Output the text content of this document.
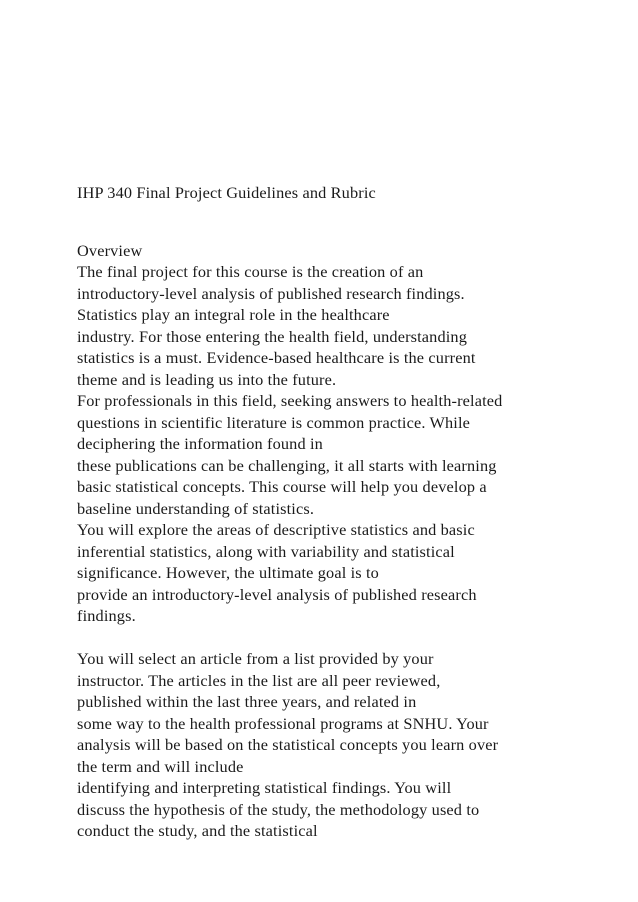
IHP 340 Final Project Guidelines and Rubric
Overview
The final project for this course is the creation of an
introductory-level analysis of published research findings.
Statistics play an integral role in the healthcare
industry. For those entering the health field, understanding
statistics is a must. Evidence-based healthcare is the current
theme and is leading us into the future.
For professionals in this field, seeking answers to health-related
questions in scientific literature is common practice. While
deciphering the information found in
these publications can be challenging, it all starts with learning
basic statistical concepts. This course will help you develop a
baseline understanding of statistics.
You will explore the areas of descriptive statistics and basic
inferential statistics, along with variability and statistical
significance. However, the ultimate goal is to
provide an introductory-level analysis of published research
findings.
You will select an article from a list provided by your
instructor. The articles in the list are all peer reviewed,
published within the last three years, and related in
some way to the health professional programs at SNHU. Your
analysis will be based on the statistical concepts you learn over
the term and will include
identifying and interpreting statistical findings. You will
discuss the hypothesis of the study, the methodology used to
conduct the study, and the statistical
